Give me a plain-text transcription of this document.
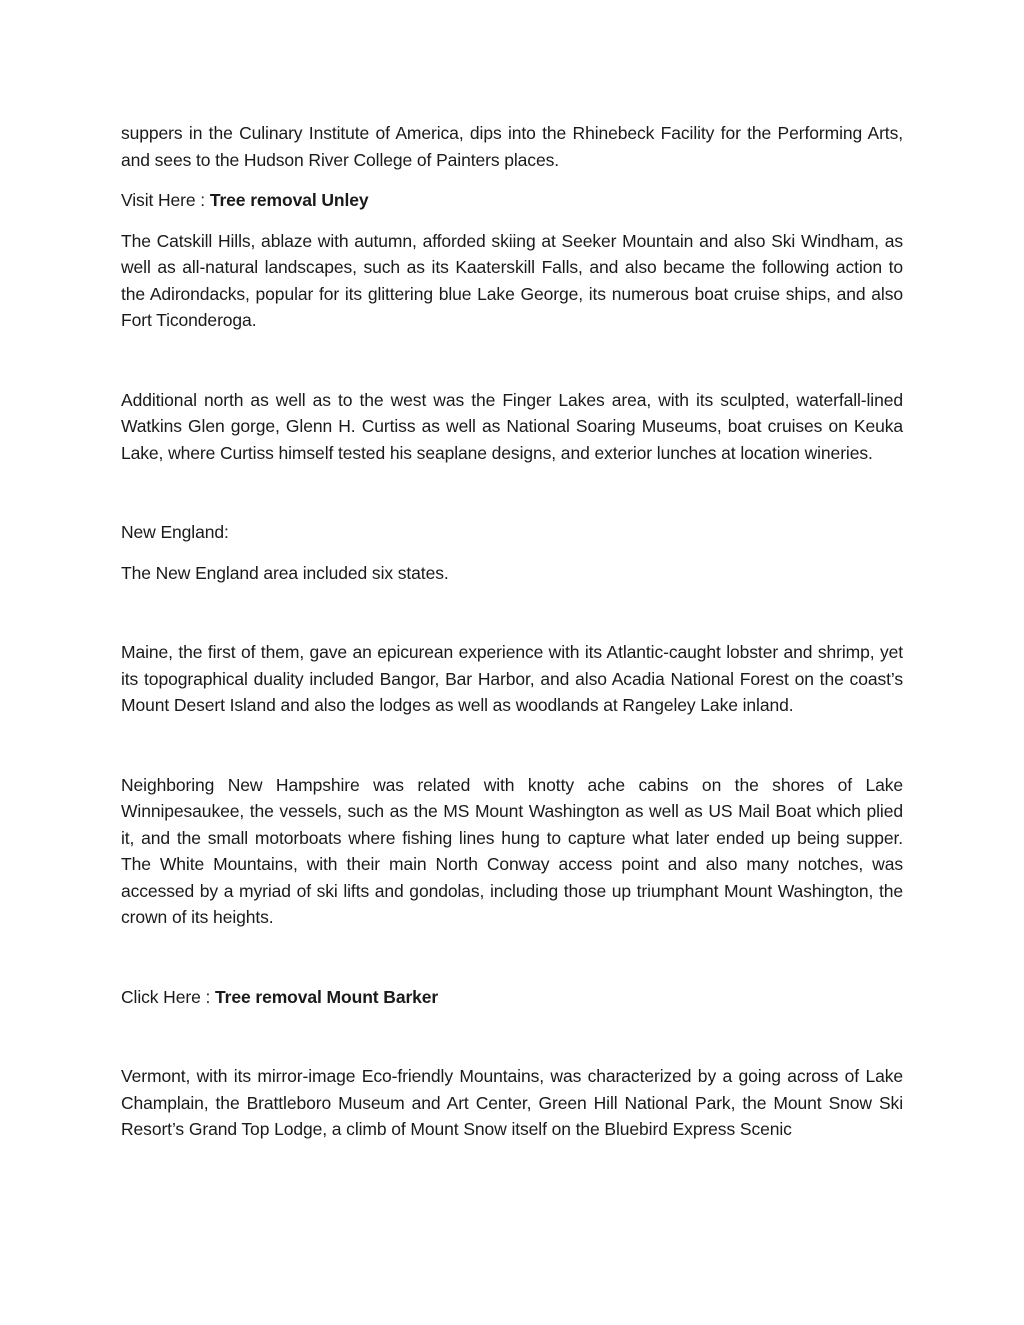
suppers in the Culinary Institute of America, dips into the Rhinebeck Facility for the Performing Arts, and sees to the Hudson River College of Painters places.

Visit Here : Tree removal Unley

The Catskill Hills, ablaze with autumn, afforded skiing at Seeker Mountain and also Ski Windham, as well as all-natural landscapes, such as its Kaaterskill Falls, and also became the following action to the Adirondacks, popular for its glittering blue Lake George, its numerous boat cruise ships, and also Fort Ticonderoga.

Additional north as well as to the west was the Finger Lakes area, with its sculpted, waterfall-lined Watkins Glen gorge, Glenn H. Curtiss as well as National Soaring Museums, boat cruises on Keuka Lake, where Curtiss himself tested his seaplane designs, and exterior lunches at location wineries.

New England:

The New England area included six states.

Maine, the first of them, gave an epicurean experience with its Atlantic-caught lobster and shrimp, yet its topographical duality included Bangor, Bar Harbor, and also Acadia National Forest on the coast’s Mount Desert Island and also the lodges as well as woodlands at Rangeley Lake inland.

Neighboring New Hampshire was related with knotty ache cabins on the shores of Lake Winnipesaukee, the vessels, such as the MS Mount Washington as well as US Mail Boat which plied it, and the small motorboats where fishing lines hung to capture what later ended up being supper. The White Mountains, with their main North Conway access point and also many notches, was accessed by a myriad of ski lifts and gondolas, including those up triumphant Mount Washington, the crown of its heights.

Click Here : Tree removal Mount Barker

Vermont, with its mirror-image Eco-friendly Mountains, was characterized by a going across of Lake Champlain, the Brattleboro Museum and Art Center, Green Hill National Park, the Mount Snow Ski Resort’s Grand Top Lodge, a climb of Mount Snow itself on the Bluebird Express Scenic
